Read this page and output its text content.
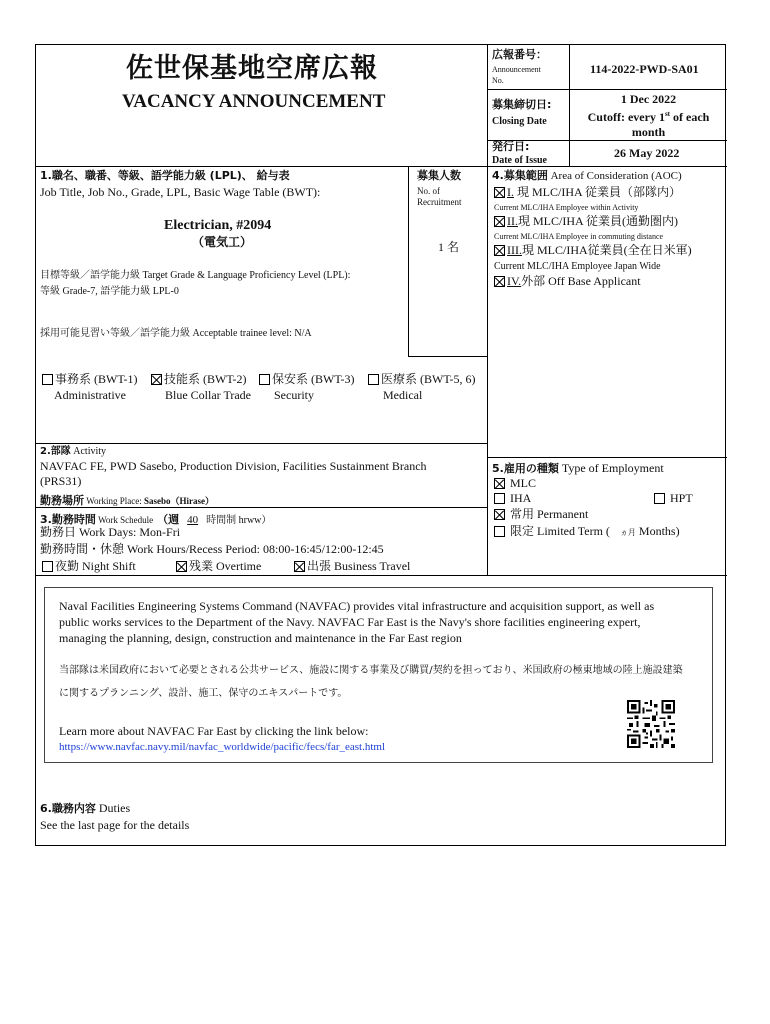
佐世保基地空席広報
VACANCY ANNOUNCEMENT
広報番号：
Announcement
No.
114-2022-PWD-SA01
募集締切日:
Closing Date
1 Dec 2022
Cutoff: every 1st of each
month
発行日:
Date of Issue
26 May 2022
1.職名、職番、等級、語学能力級 (LPL)、 給与表
Job Title, Job No., Grade, LPL, Basic Wage Table (BWT):
Electrician, #2094
（電気工）
目標等級／語学能力級 Target Grade & Language Proficiency Level (LPL):
等級 Grade-7, 語学能力級 LPL-0
採用可能見習い等級／語学能力級 Acceptable trainee level: N/A
募集人数
No. of
Recruitment
1 名
事務系 (BWT-1)
Administrative
技能系 (BWT-2)
Blue Collar Trade
保安系 (BWT-3)
Security
医療系 (BWT-5, 6)
Medical
4.募集範囲 Area of Consideration (AOC)
I. 現 MLC/IHA 従業員（部隊内）
Current MLC/IHA Employee within Activity
II.現 MLC/IHA 従業員(通勤圏内)
Current MLC/IHA Employee in commuting distance
III.現 MLC/IHA従業員(全在日米軍)
Current MLC/IHA Employee Japan Wide
IV.外部 Off Base Applicant
2.部隊 Activity
NAVFAC FE, PWD Sasebo, Production Division, Facilities Sustainment Branch
(PRS31)
勤務場所 Working Place: Sasebo（Hirase）
3.勤務時間 Work Schedule （週 40 時間制 hrww）
勤務日 Work Days: Mon-Fri
勤務時間・休憩 Work Hours/Recess Period: 08:00-16:45/12:00-12:45
夜勤 Night Shift	残業 Overtime	出張 Business Travel
5.雇用の種類 Type of Employment
MLC
IHA	HPT
常用 Permanent
限定 Limited Term ( ヵ月 Months)
Naval Facilities Engineering Systems Command (NAVFAC) provides vital infrastructure and acquisition support, as well as
public works services to the Department of the Navy. NAVFAC Far East is the Navy's shore facilities engineering expert,
managing the planning, design, construction and maintenance in the Far East region
当部隊は米国政府において必要とされる公共サービス、施設に関する事業及び購買/契約を担っており、米国政府の極東地域の陸上施設建築
に関するプランニング、設計、施工、保守のエキスパートです。
Learn more about NAVFAC Far East by clicking the link below:
https://www.navfac.navy.mil/navfac_worldwide/pacific/fecs/far_east.html
6.職務内容 Duties
See the last page for the details
